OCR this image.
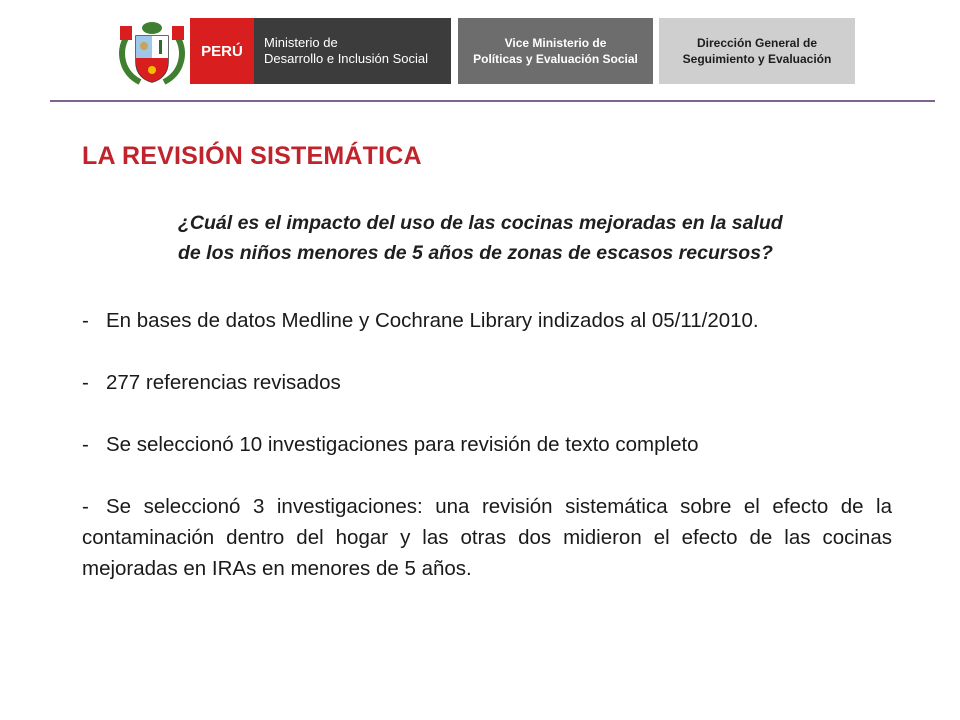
PERÚ	Ministerio de
Desarrollo e Inclusión Social
Vice Ministerio de
Políticas y Evaluación Social
Dirección General de
Seguimiento y Evaluación
LA REVISIÓN SISTEMÁTICA
¿Cuál es el impacto del uso de las cocinas mejoradas en la salud
de los niños menores de 5 años de zonas de escasos recursos?

- En bases de datos Medline y Cochrane Library indizados al 05/11/2010.

- 277 referencias revisados

- Se seleccionó 10 investigaciones para revisión de texto completo

- Se seleccionó 3 investigaciones: una revisión sistemática sobre el efecto de la contaminación dentro del hogar y las otras dos midieron el efecto de las cocinas mejoradas en IRAs en menores de 5 años.
